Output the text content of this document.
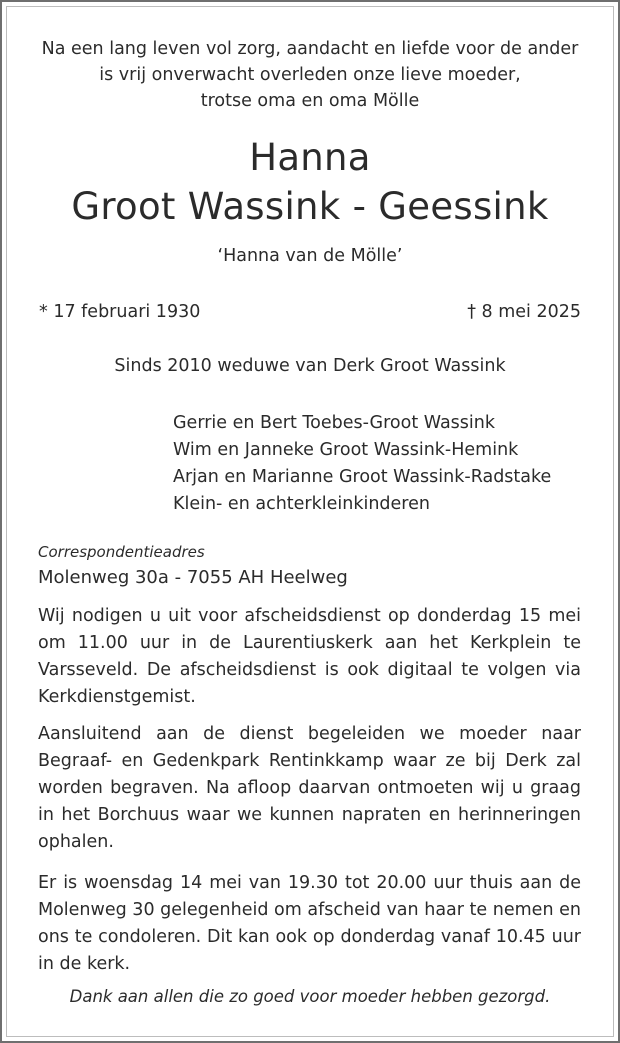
Na een lang leven vol zorg, aandacht en liefde voor de ander
is vrij onverwacht overleden onze lieve moeder,
trotse oma en oma Mölle
Hanna
Groot Wassink - Geessink
‘Hanna van de Mölle’
* 17 februari 1930	† 8 mei 2025
Sinds 2010 weduwe van Derk Groot Wassink
Gerrie en Bert Toebes-Groot Wassink
Wim en Janneke Groot Wassink-Hemink
Arjan en Marianne Groot Wassink-Radstake
Klein- en achterkleinkinderen
Correspondentieadres
Molenweg 30a - 7055 AH Heelweg
Wij nodigen u uit voor afscheidsdienst op donderdag 15 mei om 11.00 uur in de Laurentiuskerk aan het Kerkplein te Varsseveld. De afscheidsdienst is ook digitaal te volgen via Kerkdienstgemist.
Aansluitend aan de dienst begeleiden we moeder naar Begraaf- en Gedenkpark Rentinkkamp waar ze bij Derk zal worden begraven. Na afloop daarvan ontmoeten wij u graag in het Borchuus waar we kunnen napraten en herinneringen ophalen.
Er is woensdag 14 mei van 19.30 tot 20.00 uur thuis aan de Molenweg 30 gelegenheid om afscheid van haar te nemen en ons te condoleren. Dit kan ook op donderdag vanaf 10.45 uur in de kerk.
Dank aan allen die zo goed voor moeder hebben gezorgd.
